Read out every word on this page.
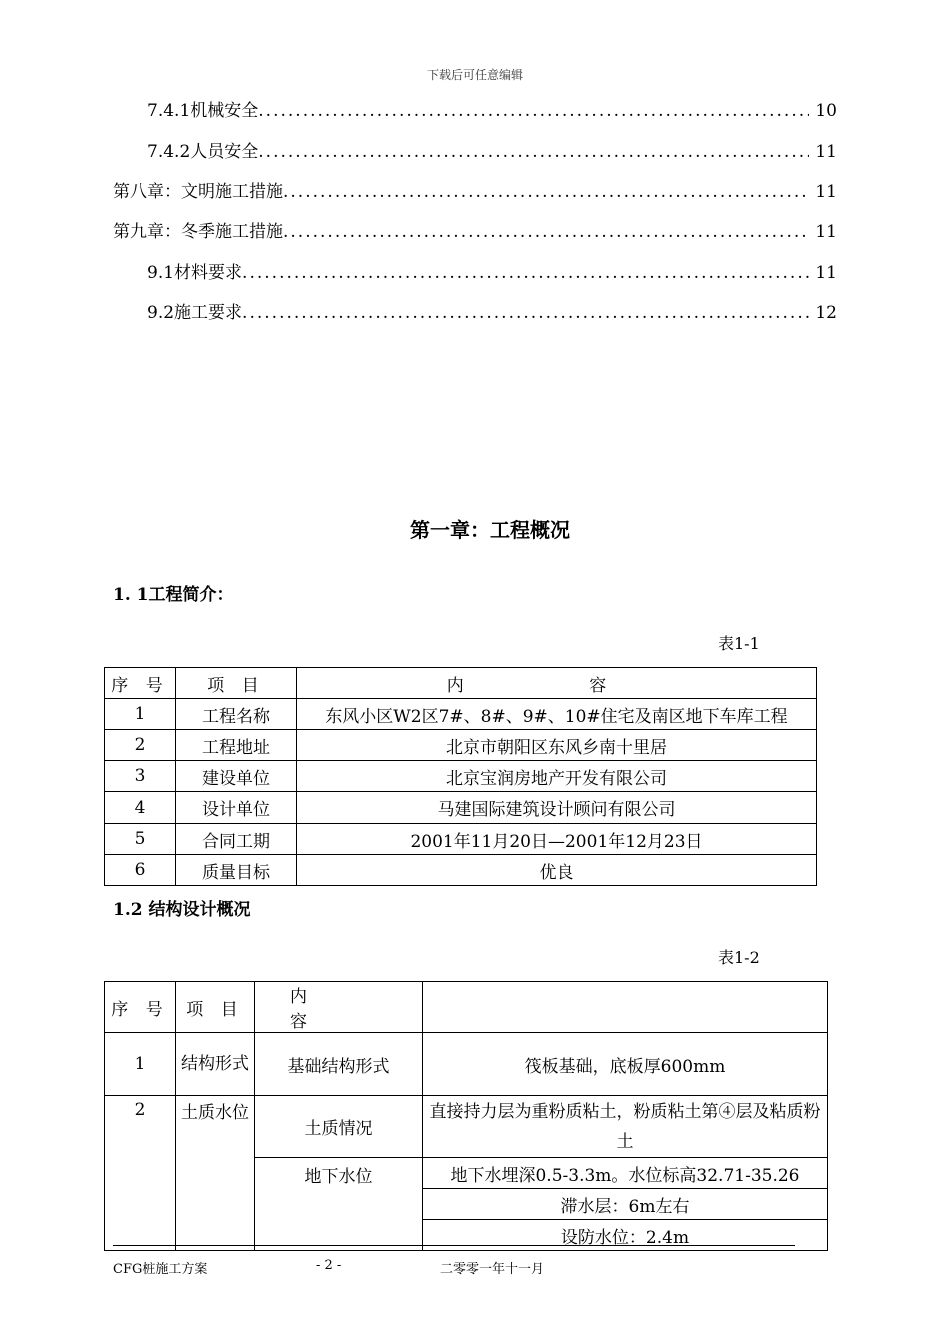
下载后可任意编辑
7.4.1机械安全 .....	10
7.4.2人员安全 .....	11
第八章：文明施工措施 .....	11
第九章：冬季施工措施 .....	11
9.1材料要求 .....	11
9.2施工要求 .....	12
第一章：工程概况
1. 1工程简介：
表1-1
序 号	项 目	内 容
1	工程名称	东风小区W2区7#、8#、9#、10#住宅及南区地下车库工程
2	工程地址	北京市朝阳区东风乡南十里居
3	建设单位	北京宝润房地产开发有限公司
4	设计单位	马建国际建筑设计顾问有限公司
5	合同工期	2001年11月20日—2001年12月23日
6	质量目标	优良
1.2 结构设计概况
表1-2
序 号	项 目	内 容	
1	结构形式	基础结构形式	筏板基础，底板厚600mm
2	土质水位	土质情况	直接持力层为重粉质粘土，粉质粘土第④层及粘质粉土
		地下水位	地下水埋深0.5-3.3m。水位标高32.71-35.26
			滞水层：6m左右
			设防水位：2.4m
CFG桩施工方案	- 2 -	二零零一年十一月
